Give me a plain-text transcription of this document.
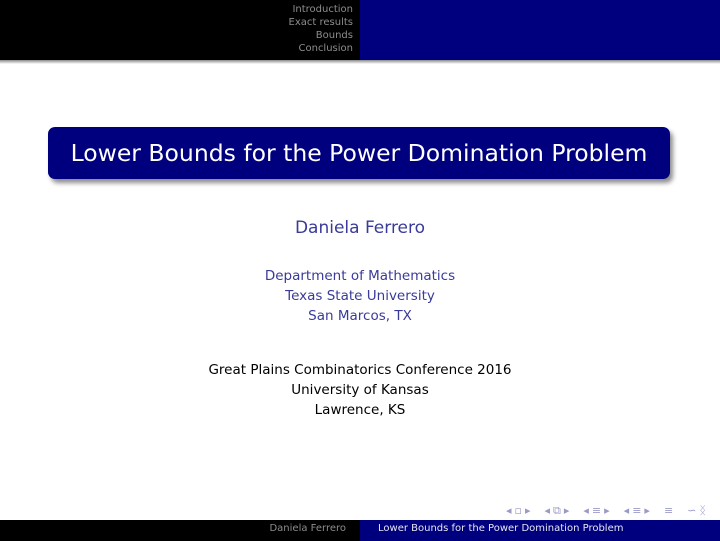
Introduction
Exact results
Bounds
Conclusion
Lower Bounds for the Power Domination Problem
Daniela Ferrero
Department of Mathematics
Texas State University
San Marcos, TX
Great Plains Combinatorics Conference 2016
University of Kansas
Lawrence, KS
◂ ▫ ▸ ◂ ⧉ ▸ ◂ ≡ ▸ ◂ ≡ ▸ ≡ ∽ ᛝ
Daniela Ferrero	Lower Bounds for the Power Domination Problem
